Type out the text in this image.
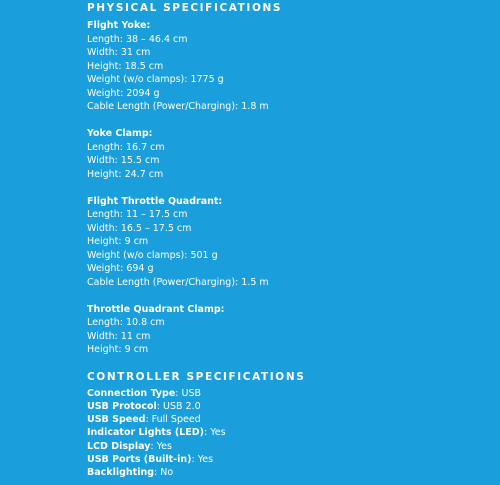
PHYSICAL SPECIFICATIONS

Flight Yoke:

Length: 38 – 46.4 cm

Width: 31 cm

Height: 18.5 cm

Weight (w/o clamps): 1775 g

Weight: 2094 g

Cable Length (Power/Charging): 1.8 m

Yoke Clamp:

Length: 16.7 cm

Width: 15.5 cm

Height: 24.7 cm

Flight Throttle Quadrant:

Length: 11 – 17.5 cm

Width: 16.5 – 17.5 cm

Height: 9 cm

Weight (w/o clamps): 501 g

Weight: 694 g

Cable Length (Power/Charging): 1.5 m

Throttle Quadrant Clamp:

Length: 10.8 cm

Width: 11 cm

Height: 9 cm

CONTROLLER SPECIFICATIONS

Connection Type: USB

USB Protocol: USB 2.0

USB Speed: Full Speed

Indicator Lights (LED): Yes

LCD Display: Yes

USB Ports (Built-in): Yes

Backlighting: No
